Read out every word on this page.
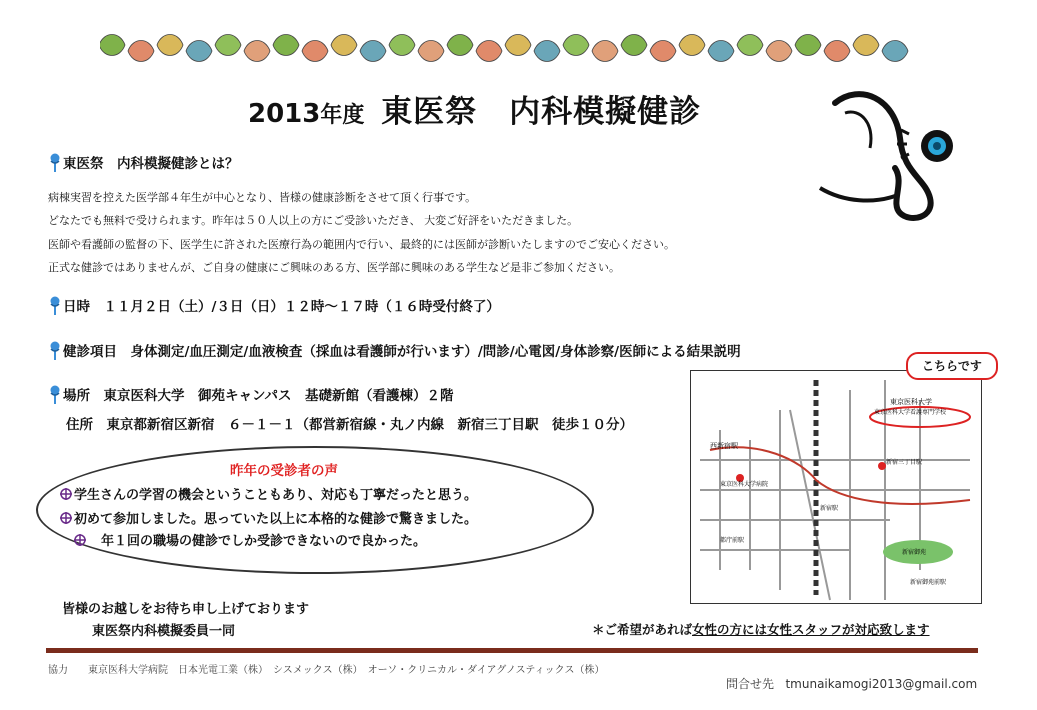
2013年度 東医祭　内科模擬健診
東医祭　内科模擬健診とは？
病棟実習を控えた医学部４年生が中心となり、皆様の健康診断をさせて頂く行事です。
どなたでも無料で受けられます。昨年は５０人以上の方にご受診いただき、 大変ご好評をいただきました。
医師や看護師の監督の下、医学生に許された医療行為の範囲内で行い、最終的には医師が診断いたしますのでご安心ください。
正式な健診ではありませんが、ご自身の健康にご興味のある方、医学部に興味のある学生など是非ご参加ください。
日時　１１月２日（土）/３日（日）１２時～１７時（１６時受付終了）
健診項目　身体測定/血圧測定/血液検査（採血は看護師が行います）/問診/心電図/身体診察/医師による結果説明
場所　東京医科大学　御苑キャンパス　基礎新館（看護棟）２階
住所　東京都新宿区新宿　６－１－１（都営新宿線・丸ノ内線　新宿三丁目駅　徒歩１０分）
昨年の受診者の声
学生さんの学習の機会ということもあり、対応も丁寧だったと思う。
初めて参加しました。思っていた以上に本格的な健診で驚きました。
　年１回の職場の健診でしか受診できないので良かった。
皆様のお越しをお待ち申し上げております
東医祭内科模擬委員一同	＊ご希望があれば女性の方には女性スタッフが対応致します
東京医科大学
東京医科大学看護専門学校
西新宿駅
東京医科大学病院
新宿駅
新宿三丁目駅
新宿御苑
都庁前駅
新宿御苑前駅
こちらです
協力　　東京医科大学病院　日本光電工業（株）　シスメックス（株）　オーソ・クリニカル・ダイアグノスティックス（株）
問合せ先 tmunaikamogi2013@gmail.com
